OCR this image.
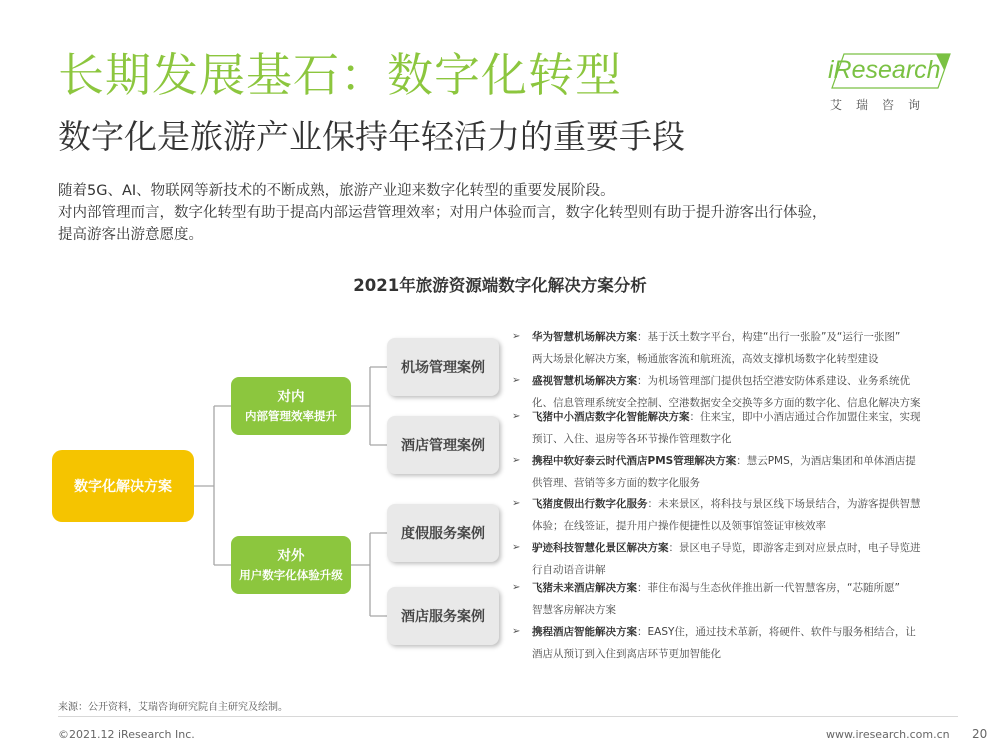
长期发展基石：数字化转型
数字化是旅游产业保持年轻活力的重要手段
iResearch
艾瑞咨询
随着5G、AI、物联网等新技术的不断成熟，旅游产业迎来数字化转型的重要发展阶段。
对内部管理而言，数字化转型有助于提高内部运营管理效率；对用户体验而言，数字化转型则有助于提升游客出行体验，
提高游客出游意愿度。
2021年旅游资源端数字化解决方案分析
数字化解决方案
对内
内部管理效率提升
对外
用户数字化体验升级
机场管理案例
酒店管理案例
度假服务案例
酒店服务案例
➢	华为智慧机场解决方案：基于沃土数字平台，构建“出行一张脸”及“运行一张图”
两大场景化解决方案，畅通旅客流和航班流，高效支撑机场数字化转型建设
➢	盛视智慧机场解决方案：为机场管理部门提供包括空港安防体系建设、业务系统优
化、信息管理系统安全控制、空港数据安全交换等多方面的数字化、信息化解决方案
➢	飞猪中小酒店数字化智能解决方案：住来宝，即中小酒店通过合作加盟住来宝，实现
预订、入住、退房等各环节操作管理数字化
➢	携程中软好泰云时代酒店PMS管理解决方案：慧云PMS，为酒店集团和单体酒店提
供管理、营销等多方面的数字化服务
➢	飞猪度假出行数字化服务：未来景区，将科技与景区线下场景结合，为游客提供智慧
体验；在线签证，提升用户操作便捷性以及领事馆签证审核效率
➢	驴迹科技智慧化景区解决方案：景区电子导览，即游客走到对应景点时，电子导览进
行自动语音讲解
➢	飞猪未来酒店解决方案：菲住布渴与生态伙伴推出新一代智慧客房，“芯随所愿”
智慧客房解决方案
➢	携程酒店智能解决方案：EASY住，通过技术革新，将硬件、软件与服务相结合，让
酒店从预订到入住到离店环节更加智能化
来源：公开资料，艾瑞咨询研究院自主研究及绘制。
©2021.12 iResearch Inc.	www.iresearch.com.cn 20
